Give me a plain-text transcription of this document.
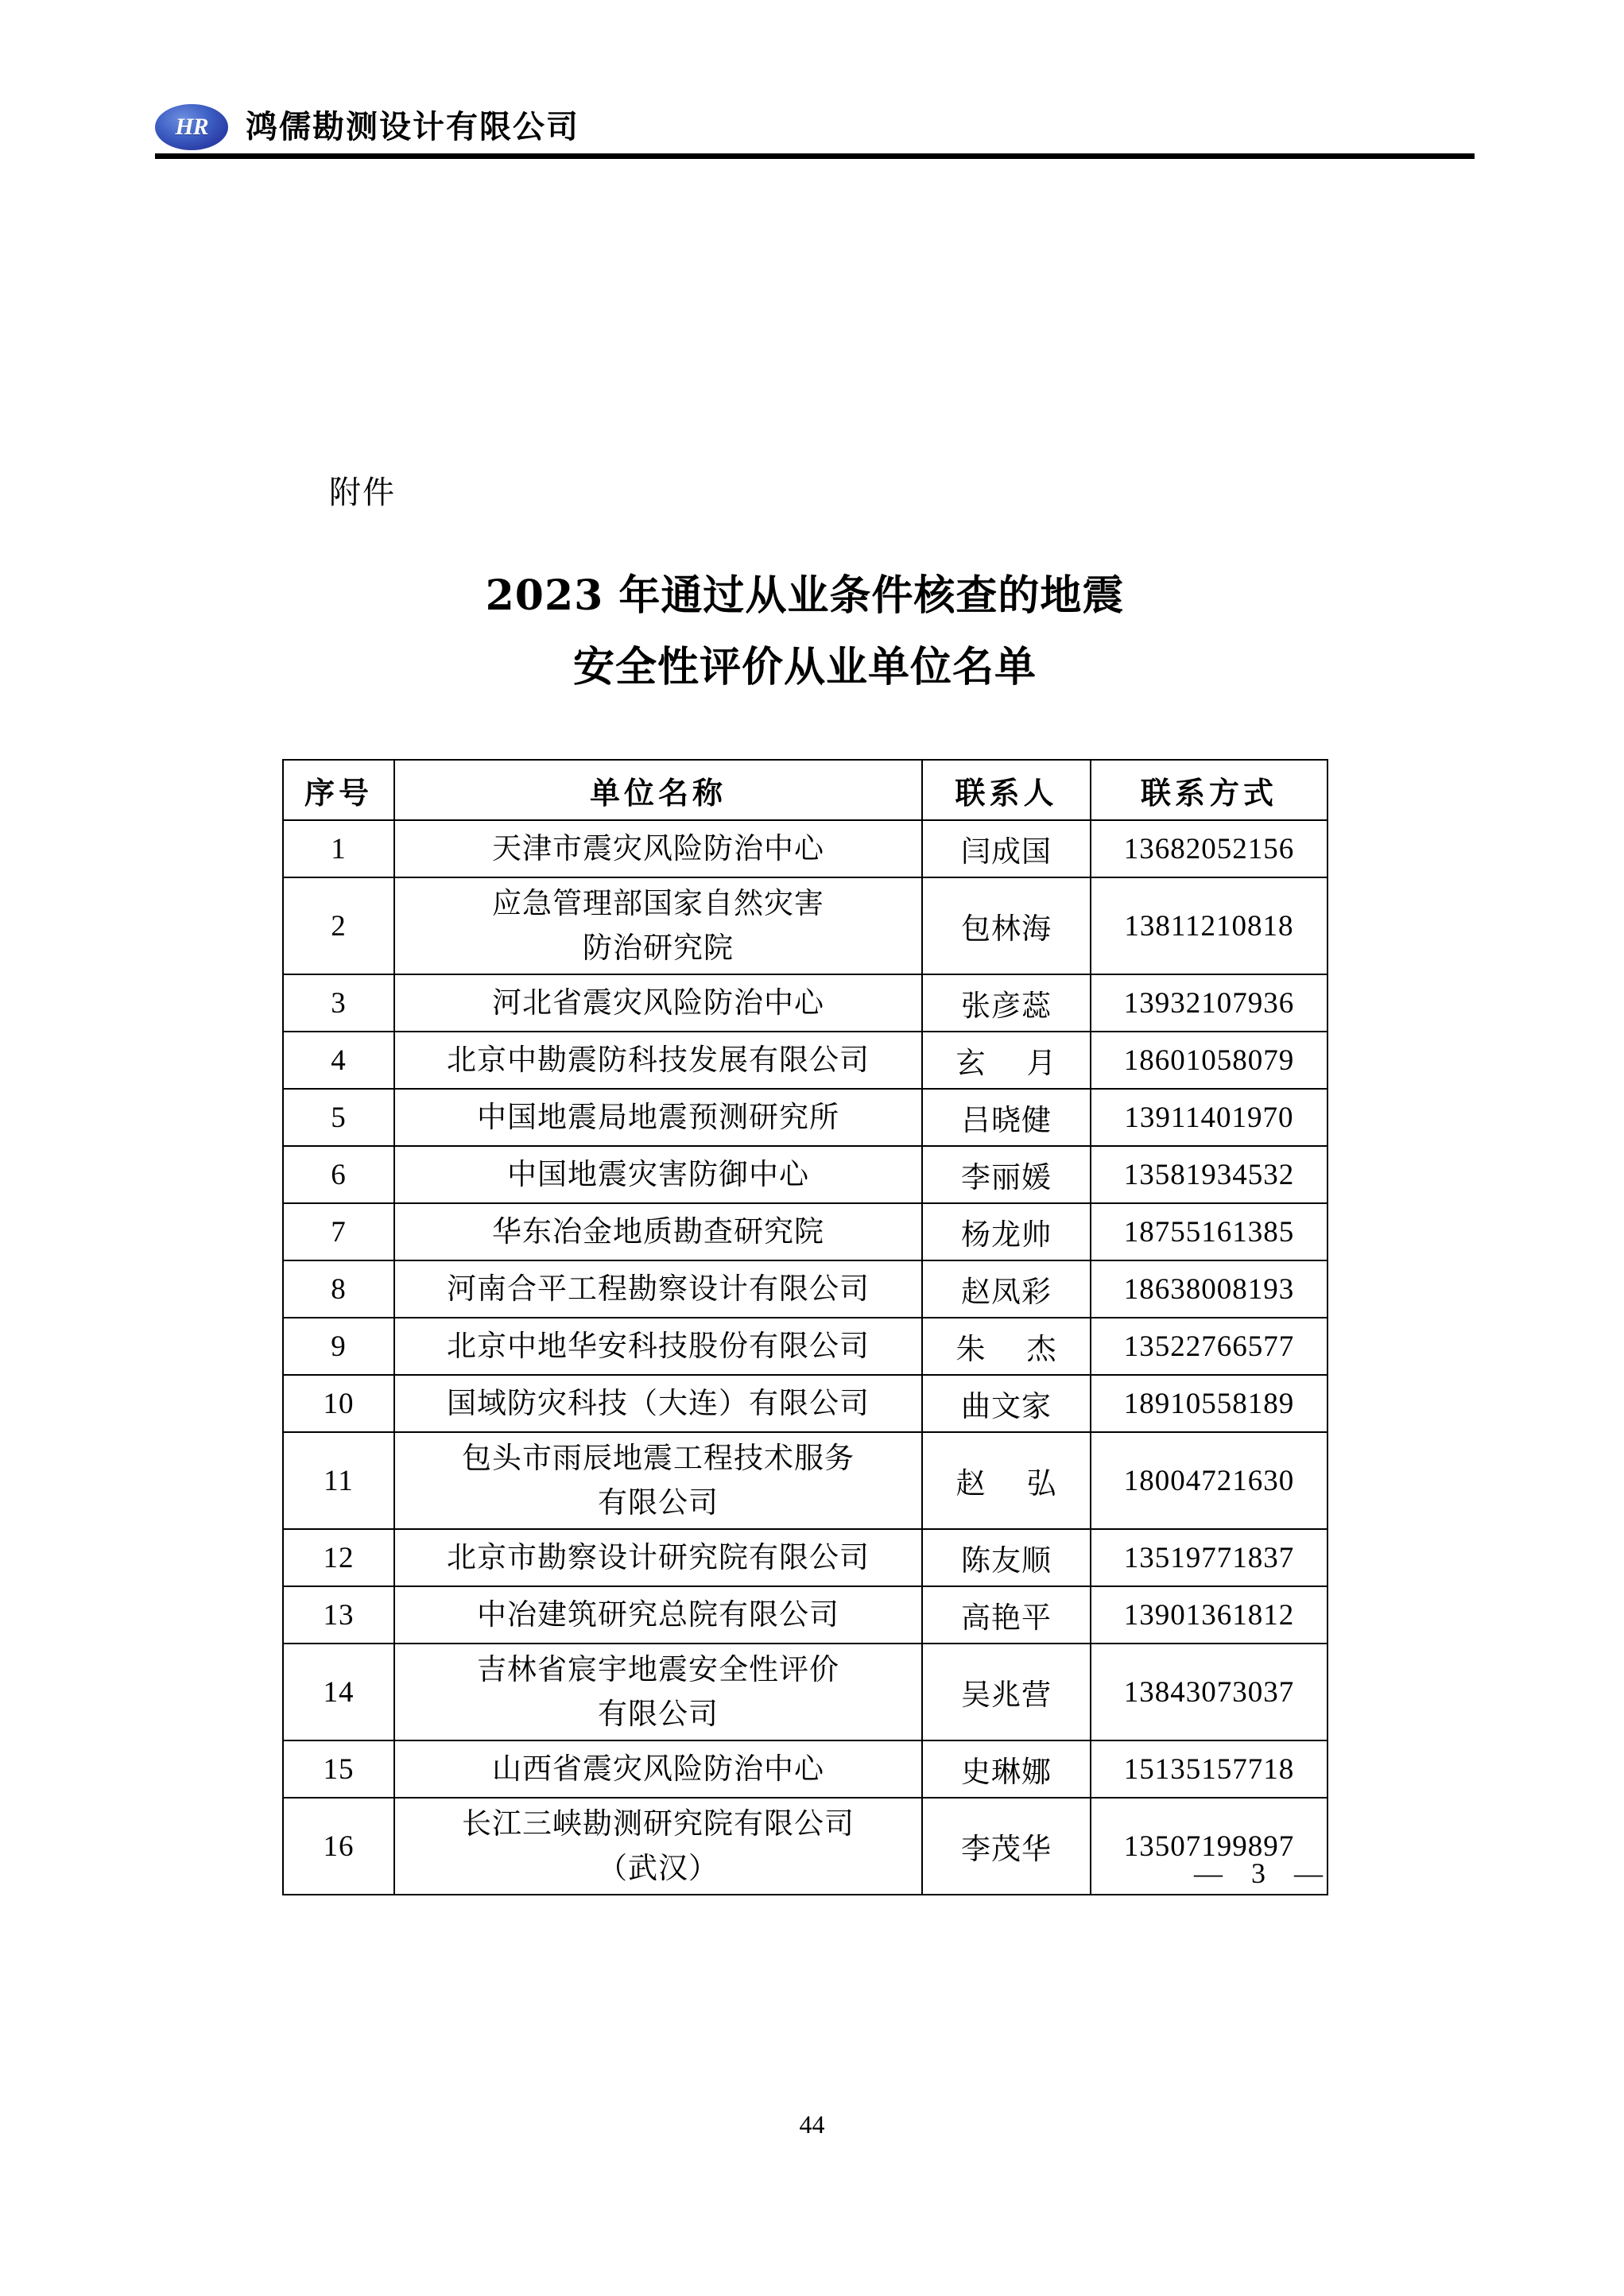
HR	鸿儒勘测设计有限公司
附件
2023 年通过从业条件核查的地震
安全性评价从业单位名单
序号	单位名称	联系人	联系方式
1	天津市震灾风险防治中心	闫成国	13682052156
2	应急管理部国家自然灾害
防治研究院	包林海	13811210818
3	河北省震灾风险防治中心	张彦蕊	13932107936
4	北京中勘震防科技发展有限公司	玄    月	18601058079
5	中国地震局地震预测研究所	吕晓健	13911401970
6	中国地震灾害防御中心	李丽媛	13581934532
7	华东冶金地质勘查研究院	杨龙帅	18755161385
8	河南合平工程勘察设计有限公司	赵凤彩	18638008193
9	北京中地华安科技股份有限公司	朱    杰	13522766577
10	国域防灾科技（大连）有限公司	曲文家	18910558189
11	包头市雨辰地震工程技术服务
有限公司	赵    弘	18004721630
12	北京市勘察设计研究院有限公司	陈友顺	13519771837
13	中冶建筑研究总院有限公司	高艳平	13901361812
14	吉林省宸宇地震安全性评价
有限公司	吴兆营	13843073037
15	山西省震灾风险防治中心	史琳娜	15135157718
16	长江三峡勘测研究院有限公司
（武汉）	李茂华	13507199897
—  3  —
44
